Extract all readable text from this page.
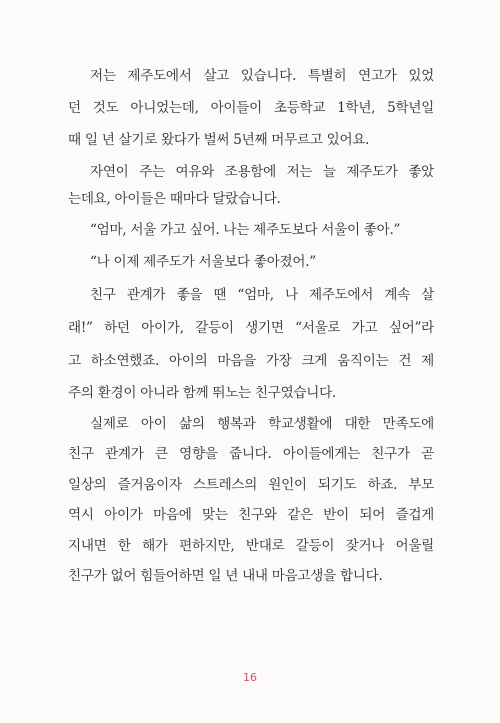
저는 제주도에서 살고 있습니다. 특별히 연고가 있었
던 것도 아니었는데, 아이들이 초등학교 1학년, 5학년일
때 일 년 살기로 왔다가 벌써 5년째 머무르고 있어요.
자연이 주는 여유와 조용함에 저는 늘 제주도가 좋았
는데요, 아이들은 때마다 달랐습니다.
“엄마, 서울 가고 싶어. 나는 제주도보다 서울이 좋아.”
“나 이제 제주도가 서울보다 좋아졌어.”
친구 관계가 좋을 땐 “엄마, 나 제주도에서 계속 살
래!” 하던 아이가, 갈등이 생기면 “서울로 가고 싶어”라
고 하소연했죠. 아이의 마음을 가장 크게 움직이는 건 제
주의 환경이 아니라 함께 뛰노는 친구였습니다.
실제로 아이 삶의 행복과 학교생활에 대한 만족도에
친구 관계가 큰 영향을 줍니다. 아이들에게는 친구가 곧
일상의 즐거움이자 스트레스의 원인이 되기도 하죠. 부모
역시 아이가 마음에 맞는 친구와 같은 반이 되어 즐겁게
지내면 한 해가 편하지만, 반대로 갈등이 잦거나 어울릴
친구가 없어 힘들어하면 일 년 내내 마음고생을 합니다.
16
